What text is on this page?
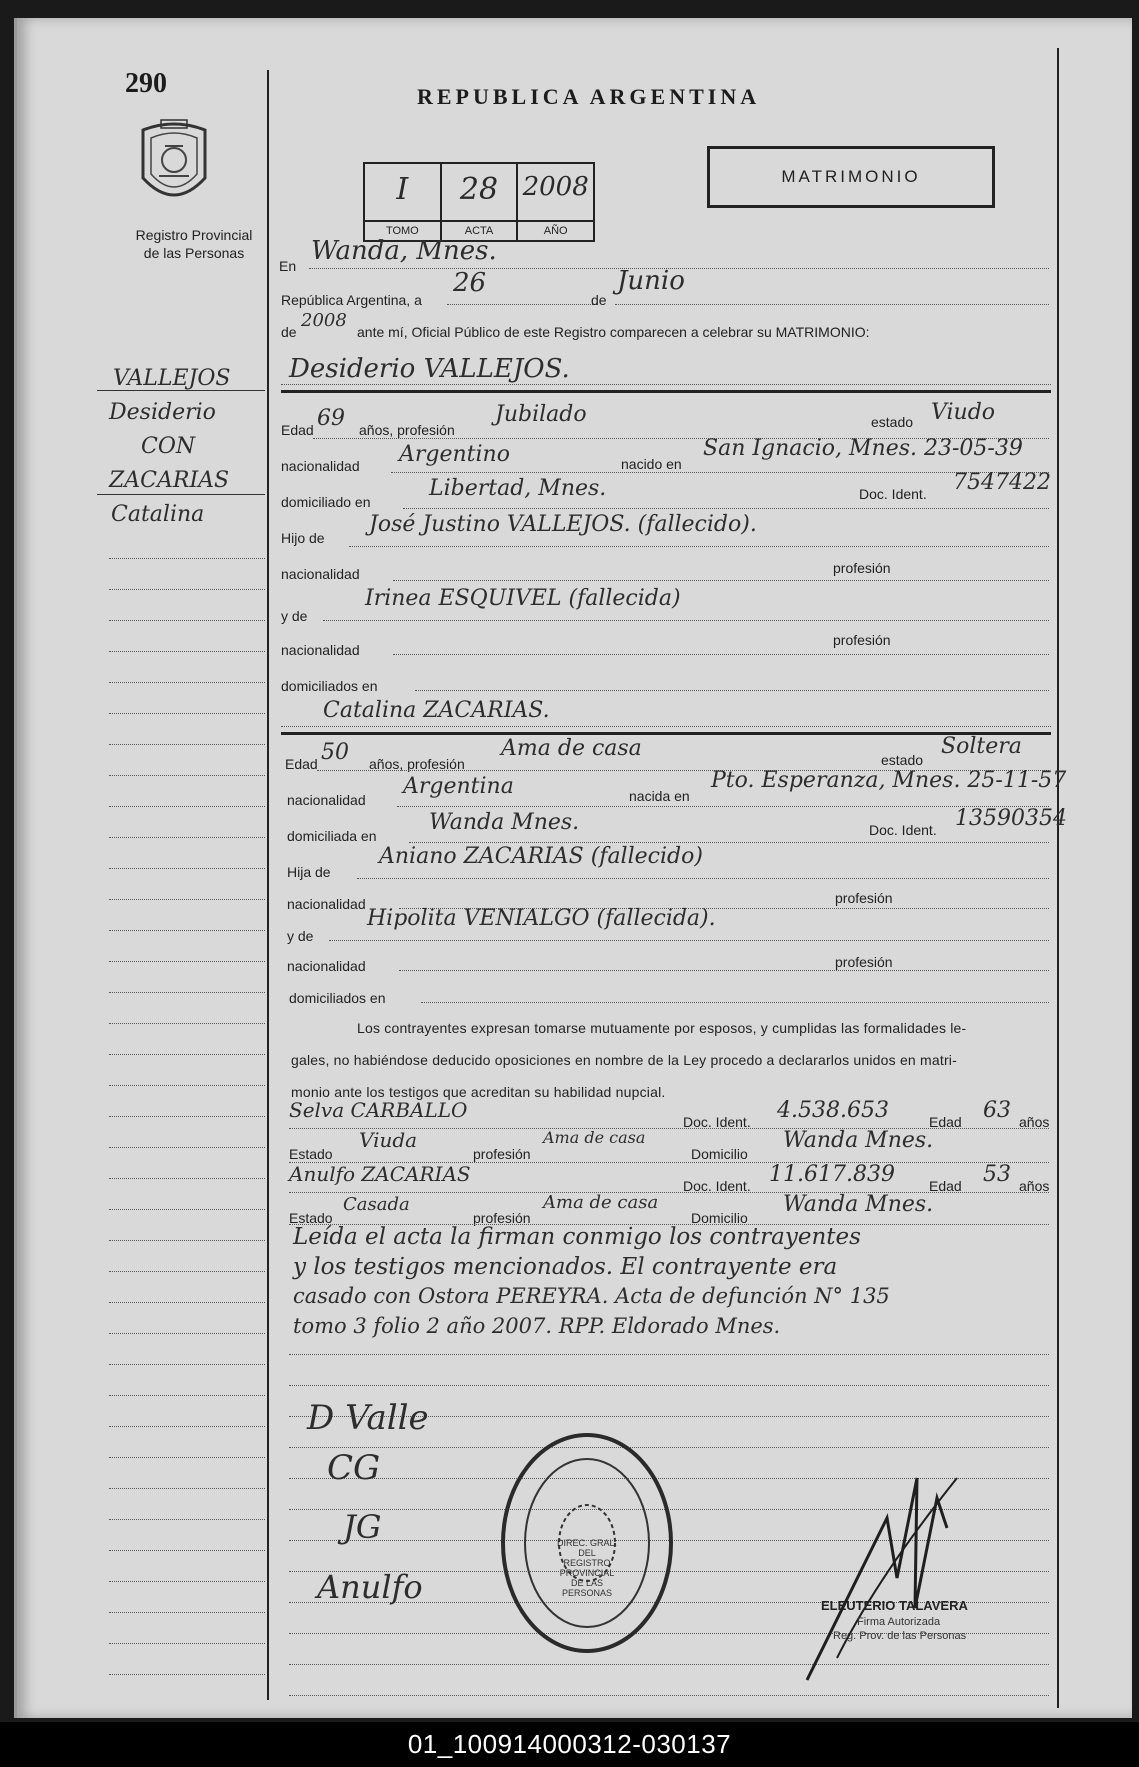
290
Registro Provincial
de las Personas
REPUBLICA ARGENTINA
I
TOMO
28
ACTA
2008
AÑO
MATRIMONIO
En Wanda, Mnes.
República Argentina, a
26
de
Junio
de
2008
ante mí, Oficial Público de este Registro comparecen a celebrar su MATRIMONIO:
Desiderio VALLEJOS.
Edad 69 años, profesión
Jubilado	estado Viudo
nacionalidad Argentino	nacido en
San Ignacio, Mnes. 23-05-39
domiciliado en
Libertad, Mnes.	Doc. Ident. 7547422
Hijo de
José Justino VALLEJOS. (fallecido).
nacionalidad	profesión
y de
Irinea ESQUIVEL (fallecida)
nacionalidad
profesión
domiciliados en
Catalina ZACARIAS.
Edad 50 años, profesión
Ama de casa	estado
Soltera
nacionalidad
Argentina	nacida en
Pto. Esperanza, Mnes. 25-11-57
domiciliada en
Wanda Mnes.	Doc. Ident. 13590354
Hija de
Aniano ZACARIAS (fallecido)
nacionalidad	profesión
y de
Hipolita VENIALGO (fallecida).
nacionalidad	profesión
domiciliados en
Los contrayentes expresan tomarse mutuamente por esposos, y cumplidas las formalidades le-
gales, no habiéndose deducido oposiciones en nombre de la Ley procedo a declararlos unidos en matri-
monio ante los testigos que acreditan su habilidad nupcial.
Selva CARBALLO	Doc. Ident. 4.538.653	Edad 63 años
Estado
Viuda
profesión
Ama de casa
Domicilio
Wanda Mnes.
Anulfo ZACARIAS	Doc. Ident. 11.617.839 Edad 53 años
Estado
Casada
profesión
Ama de casa
Domicilio
Wanda Mnes.
Leída el acta la firman conmigo los contrayentes
y los testigos mencionados. El contrayente era
casado con Ostora PEREYRA. Acta de defunción N° 135
tomo 3 folio 2 año 2007. RPP. Eldorado Mnes.
VALLEJOS
Desiderio
CON
ZACARIAS
Catalina
D Valle
CG
JG
Anulfo
DIREC. GRAL. DEL REGISTRO PROVINCIAL DE LAS PERSONAS
ELEUTERIO TALAVERA
Firma Autorizada
Reg. Prov. de las Personas
01_100914000312-030137
